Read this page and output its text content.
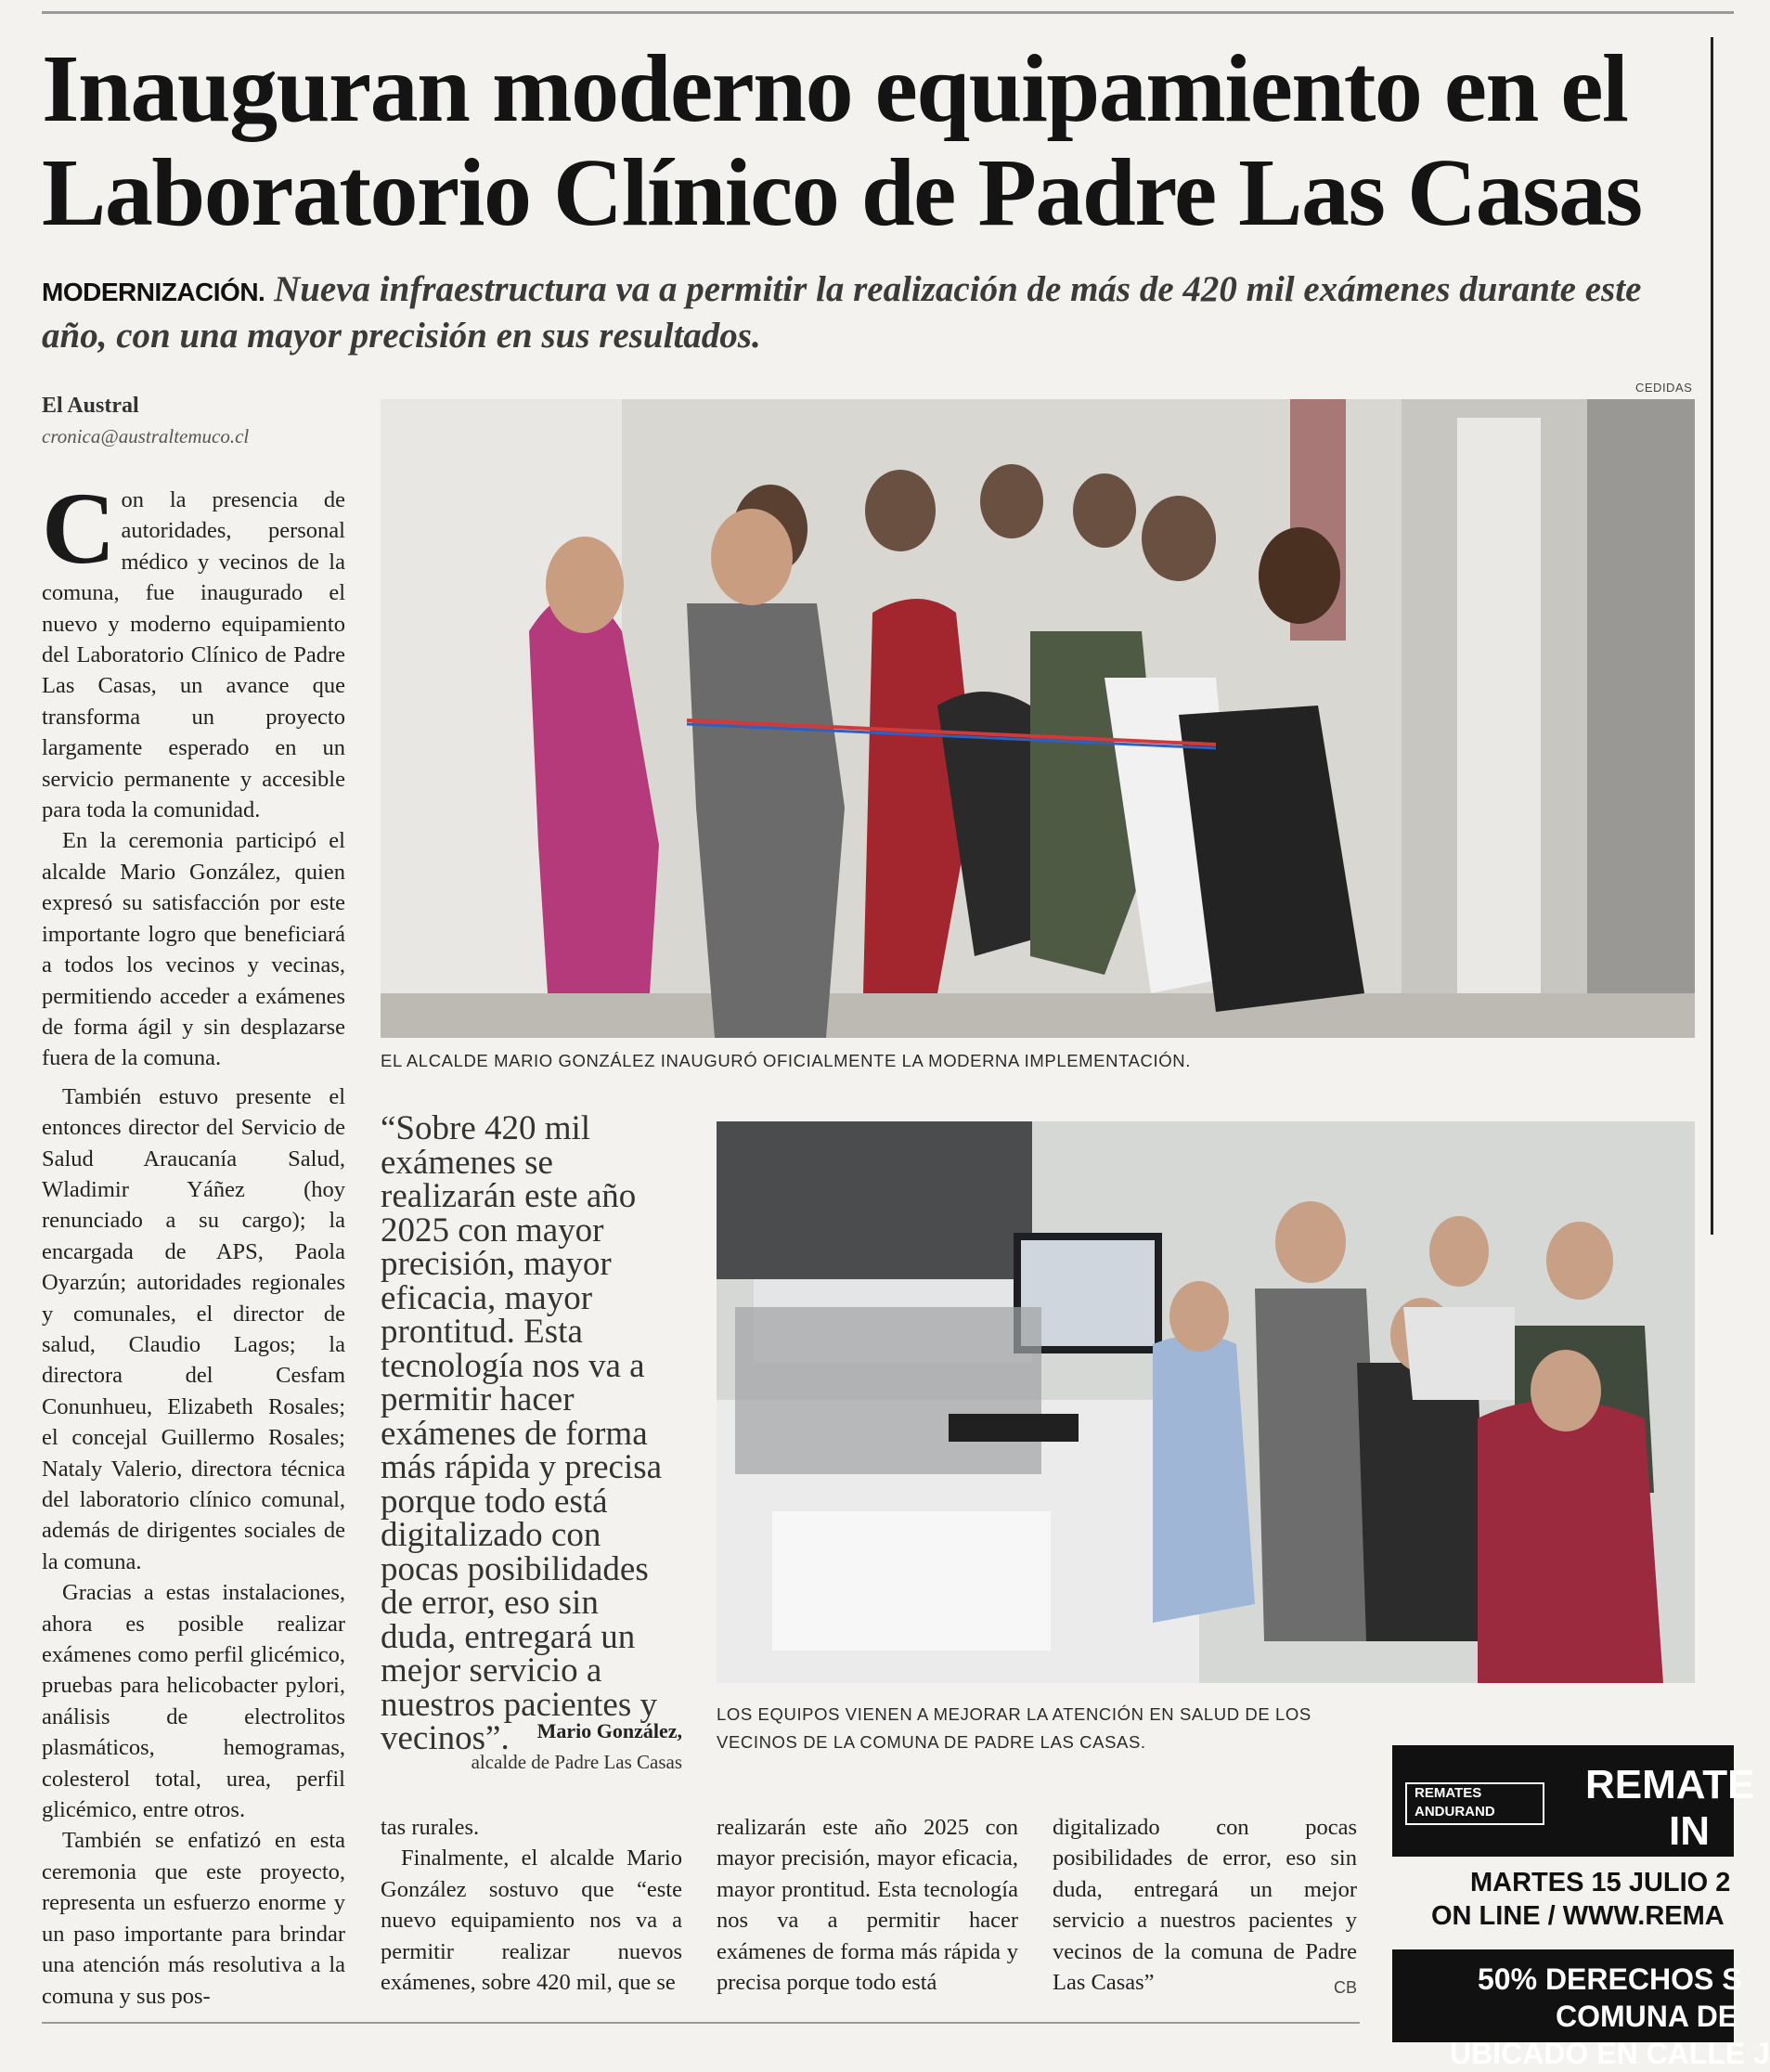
Inauguran moderno equipamiento en el Laboratorio Clínico de Padre Las Casas

MODERNIZACIÓN. Nueva infraestructura va a permitir la realización de más de 420 mil exámenes durante este año, con una mayor precisión en sus resultados.

El Austral
cronica@australtemuco.cl

Con la presencia de autoridades, personal médico y vecinos de la comuna, fue inaugurado el nuevo y moderno equipamiento del Laboratorio Clínico de Padre Las Casas, un avance que transforma un proyecto largamente esperado en un servicio permanente y accesible para toda la comunidad.

En la ceremonia participó el alcalde Mario González, quien expresó su satisfacción por este importante logro que beneficiará a todos los vecinos y vecinas, permitiendo acceder a exámenes de forma ágil y sin desplazarse fuera de la comuna.

También estuvo presente el entonces director del Servicio de Salud Araucanía Salud, Wladimir Yáñez (hoy renunciado a su cargo); la encargada de APS, Paola Oyarzún; autoridades regionales y comunales, el director de salud, Claudio Lagos; la directora del Cesfam Conunhueu, Elizabeth Rosales; el concejal Guillermo Rosales; Nataly Valerio, directora técnica del laboratorio clínico comunal, además de dirigentes sociales de la comuna.

Gracias a estas instalaciones, ahora es posible realizar exámenes como perfil glicémico, pruebas para helicobacter pylori, análisis de electrolitos plasmáticos, hemogramas, colesterol total, urea, perfil glicémico, entre otros.

También se enfatizó en esta ceremonia que este proyecto, representa un esfuerzo enorme y un paso importante para brindar una atención más resolutiva a la comuna y sus pos-

CEDIDAS
EL ALCALDE MARIO GONZÁLEZ INAUGURÓ OFICIALMENTE LA MODERNA IMPLEMENTACIÓN.

“Sobre 420 mil exámenes se realizarán este año 2025 con mayor precisión, mayor eficacia, mayor prontitud. Esta tecnología nos va a permitir hacer exámenes de forma más rápida y precisa porque todo está digitalizado con pocas posibilidades de error, eso sin duda, entregará un mejor servicio a nuestros pacientes y vecinos”.	Mario González,
alcalde de Padre Las Casas
LOS EQUIPOS VIENEN A MEJORAR LA ATENCIÓN EN SALUD DE LOS VECINOS DE LA COMUNA DE PADRE LAS CASAS.

tas rurales.

Finalmente, el alcalde Mario González sostuvo que “este nuevo equipamiento nos va a permitir realizar nuevos exámenes, sobre 420 mil, que se

realizarán este año 2025 con mayor precisión, mayor eficacia, mayor prontitud. Esta tecnología nos va a permitir hacer exámenes de forma más rápida y precisa porque todo está

digitalizado con pocas posibilidades de error, eso sin duda, entregará un mejor servicio a nuestros pacientes y vecinos de la comuna de Padre Las Casas”	CB

REMATES
ANDURAND
REMATE
IN
MARTES 15 JULIO 2
ON LINE / WWW.REMA
50% DERECHOS S
COMUNA DE
UBICADO EN CALLE J
